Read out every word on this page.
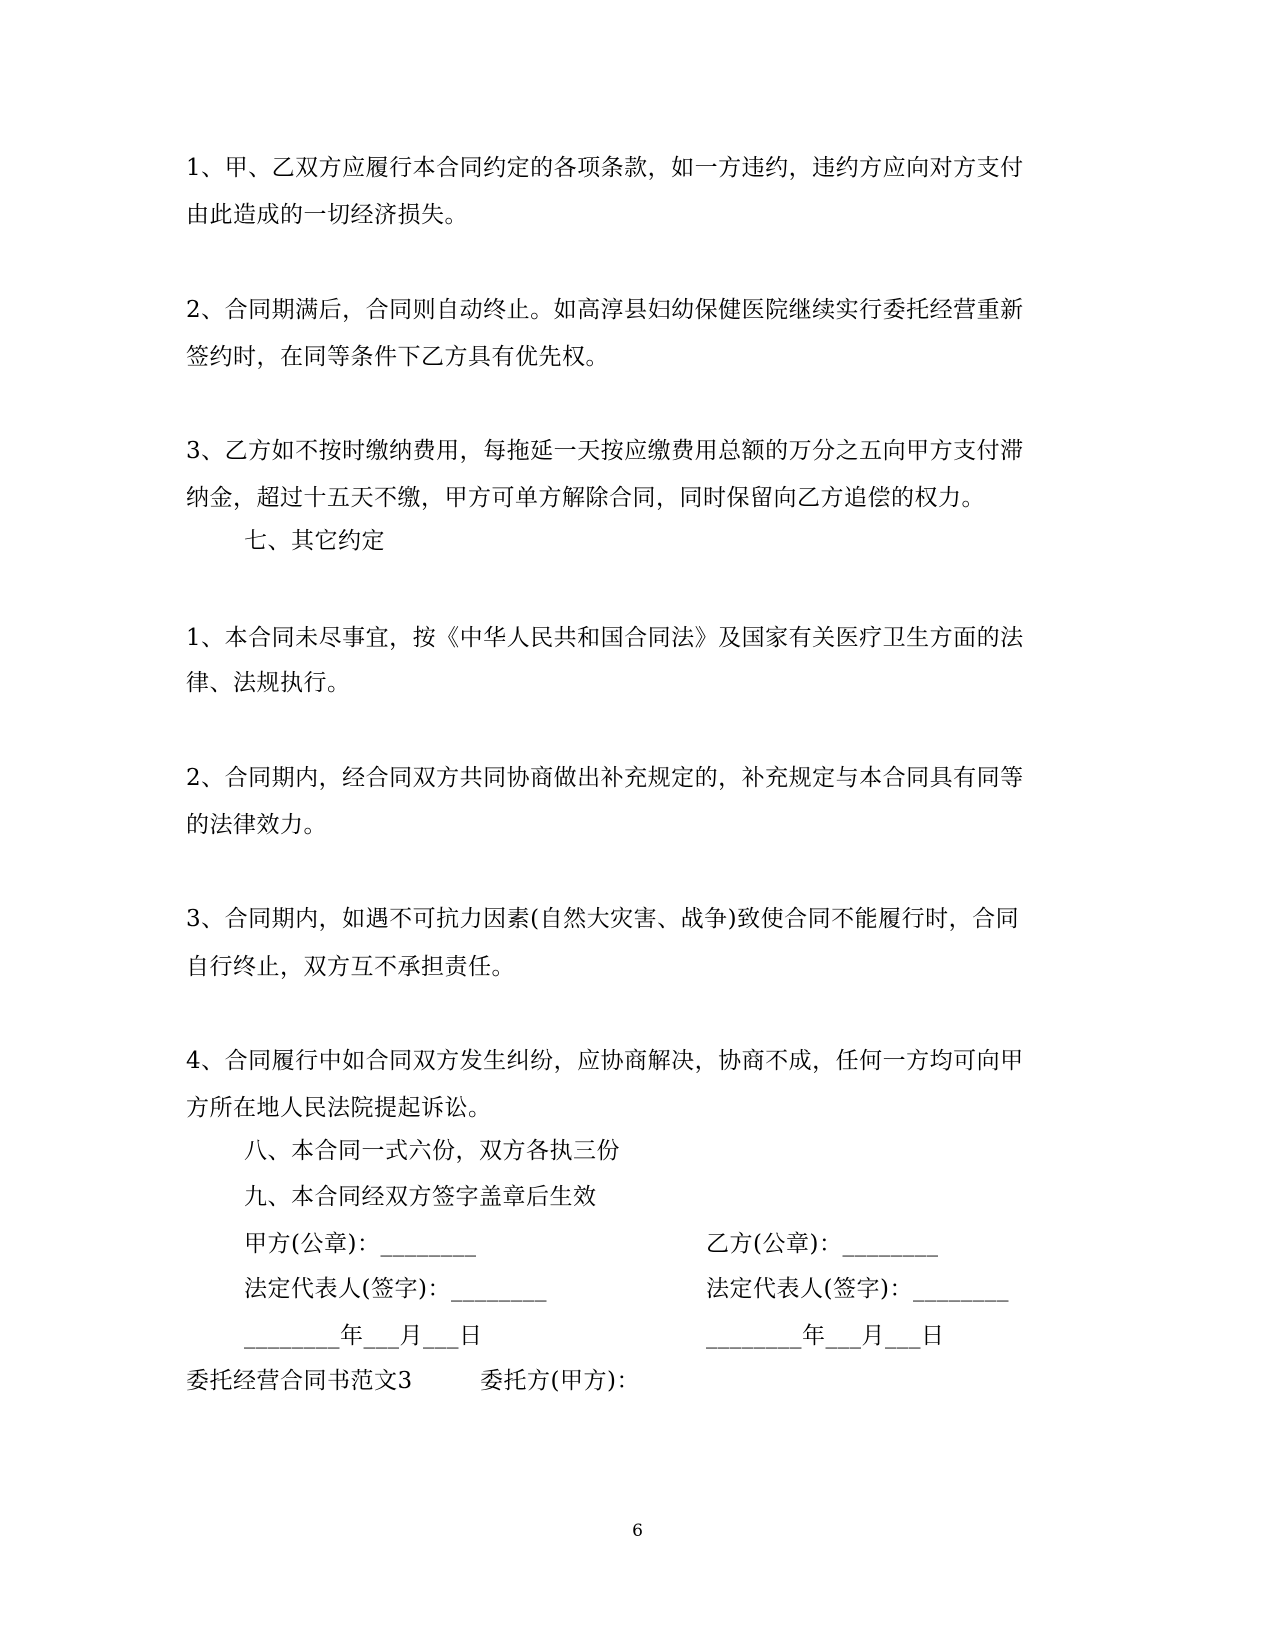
1、甲、乙双方应履行本合同约定的各项条款，如一方违约，违约方应向对方支付
由此造成的一切经济损失。
2、合同期满后，合同则自动终止。如高淳县妇幼保健医院继续实行委托经营重新
签约时，在同等条件下乙方具有优先权。
3、乙方如不按时缴纳费用，每拖延一天按应缴费用总额的万分之五向甲方支付滞
纳金，超过十五天不缴，甲方可单方解除合同，同时保留向乙方追偿的权力。
七、其它约定
1、本合同未尽事宜，按《中华人民共和国合同法》及国家有关医疗卫生方面的法
律、法规执行。
2、合同期内，经合同双方共同协商做出补充规定的，补充规定与本合同具有同等
的法律效力。
3、合同期内，如遇不可抗力因素(自然大灾害、战争)致使合同不能履行时，合同
自行终止，双方互不承担责任。
4、合同履行中如合同双方发生纠纷，应协商解决，协商不成，任何一方均可向甲
方所在地人民法院提起诉讼。
八、本合同一式六份，双方各执三份
九、本合同经双方签字盖章后生效
甲方(公章)：________	乙方(公章)：________
法定代表人(签字)：________	法定代表人(签字)：________
________年___月___日	________年___月___日
委托经营合同书范文3	委托方(甲方)：
6
